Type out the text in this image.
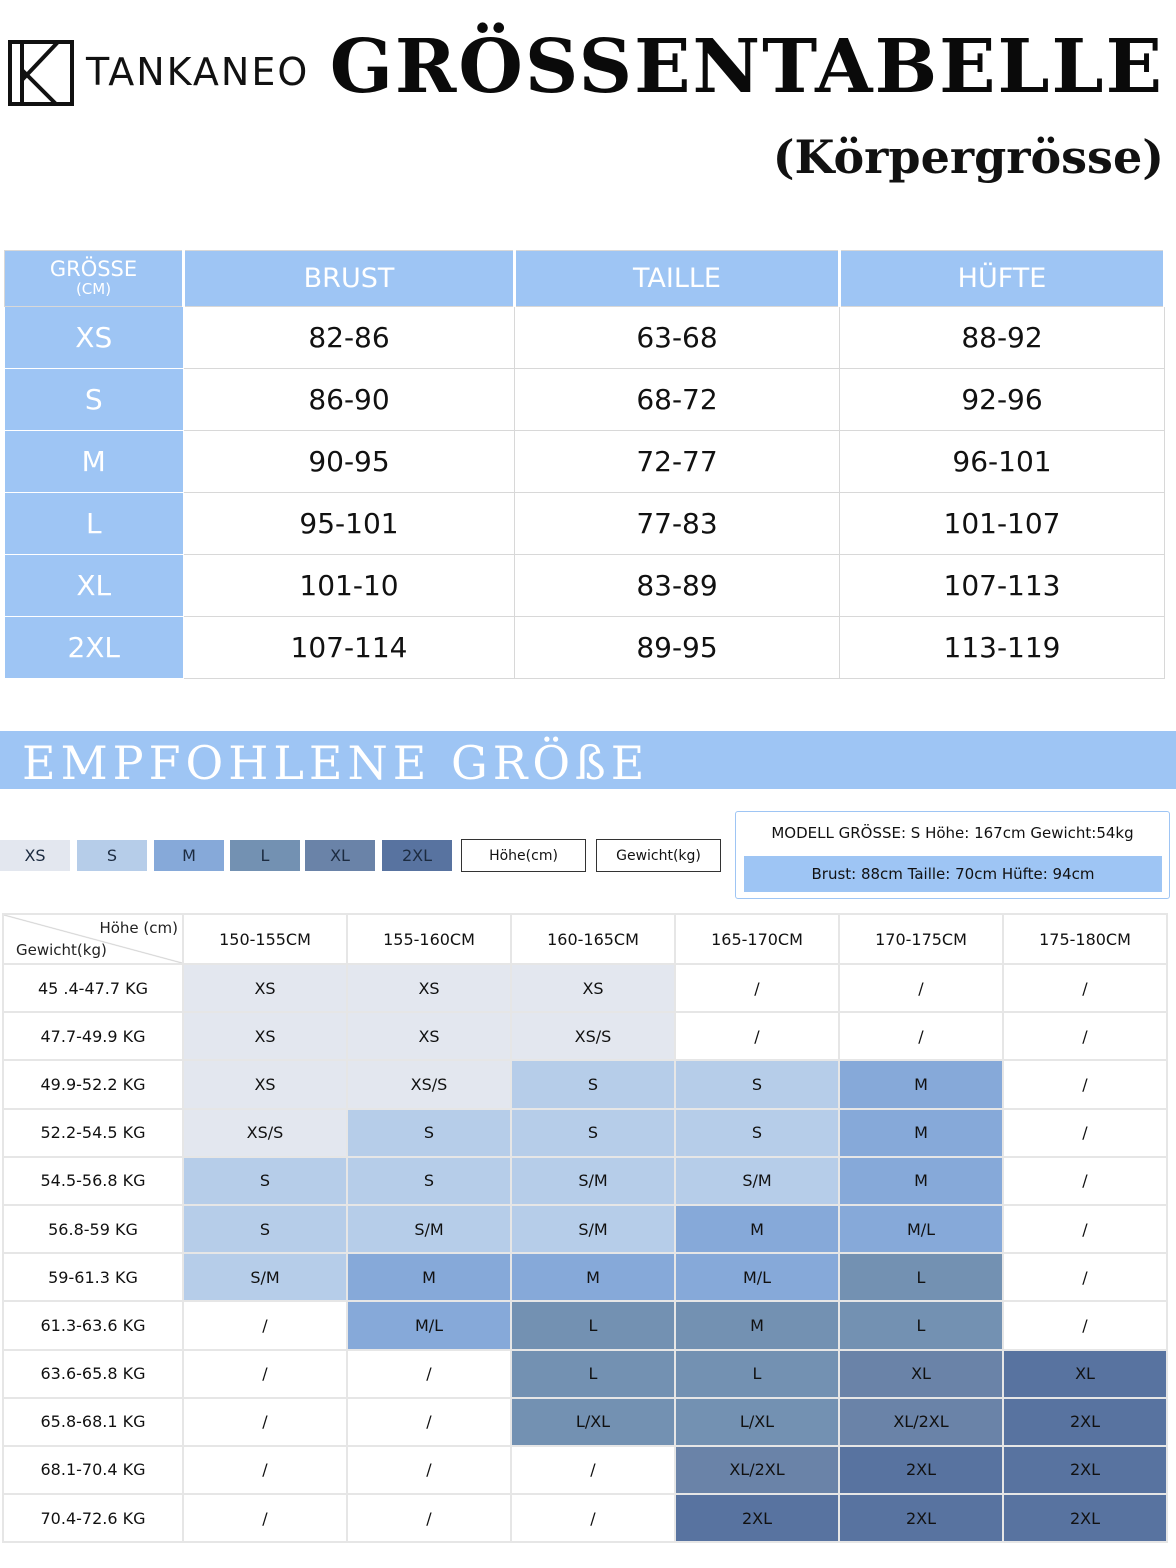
TANKANEO GRÖSSENTABELLE
(Körpergrösse)
GRÖSSE
(CM)	BRUST	TAILLE	HÜFTE
XS	82-86	63-68	88-92
S	86-90	68-72	92-96
M	90-95	72-77	96-101
L	95-101	77-83	101-107
XL	101-10	83-89	107-113
2XL	107-114	89-95	113-119
EMPFOHLENE GRÖßE
XS	S	M	L	XL	2XL	Höhe(cm)	Gewicht(kg)
MODELL GRÖSSE: S Höhe: 167cm Gewicht:54kg
Brust: 88cm Taille: 70cm Hüfte: 94cm
Höhe (cm)
Gewicht(kg)	150-155CM	155-160CM	160-165CM	165-170CM	170-175CM	175-180CM
45 .4-47.7 KG	XS	XS	XS	/	/	/
47.7-49.9 KG	XS	XS	XS/S	/	/	/
49.9-52.2 KG	XS	XS/S	S	S	M	/
52.2-54.5 KG	XS/S	S	S	S	M	/
54.5-56.8 KG	S	S	S/M	S/M	M	/
56.8-59 KG	S	S/M	S/M	M	M/L	/
59-61.3 KG	S/M	M	M	M/L	L	/
61.3-63.6 KG	/	M/L	L	M	L	/
63.6-65.8 KG	/	/	L	L	XL	XL
65.8-68.1 KG	/	/	L/XL	L/XL	XL/2XL	2XL
68.1-70.4 KG	/	/	/	XL/2XL	2XL	2XL
70.4-72.6 KG	/	/	/	2XL	2XL	2XL
